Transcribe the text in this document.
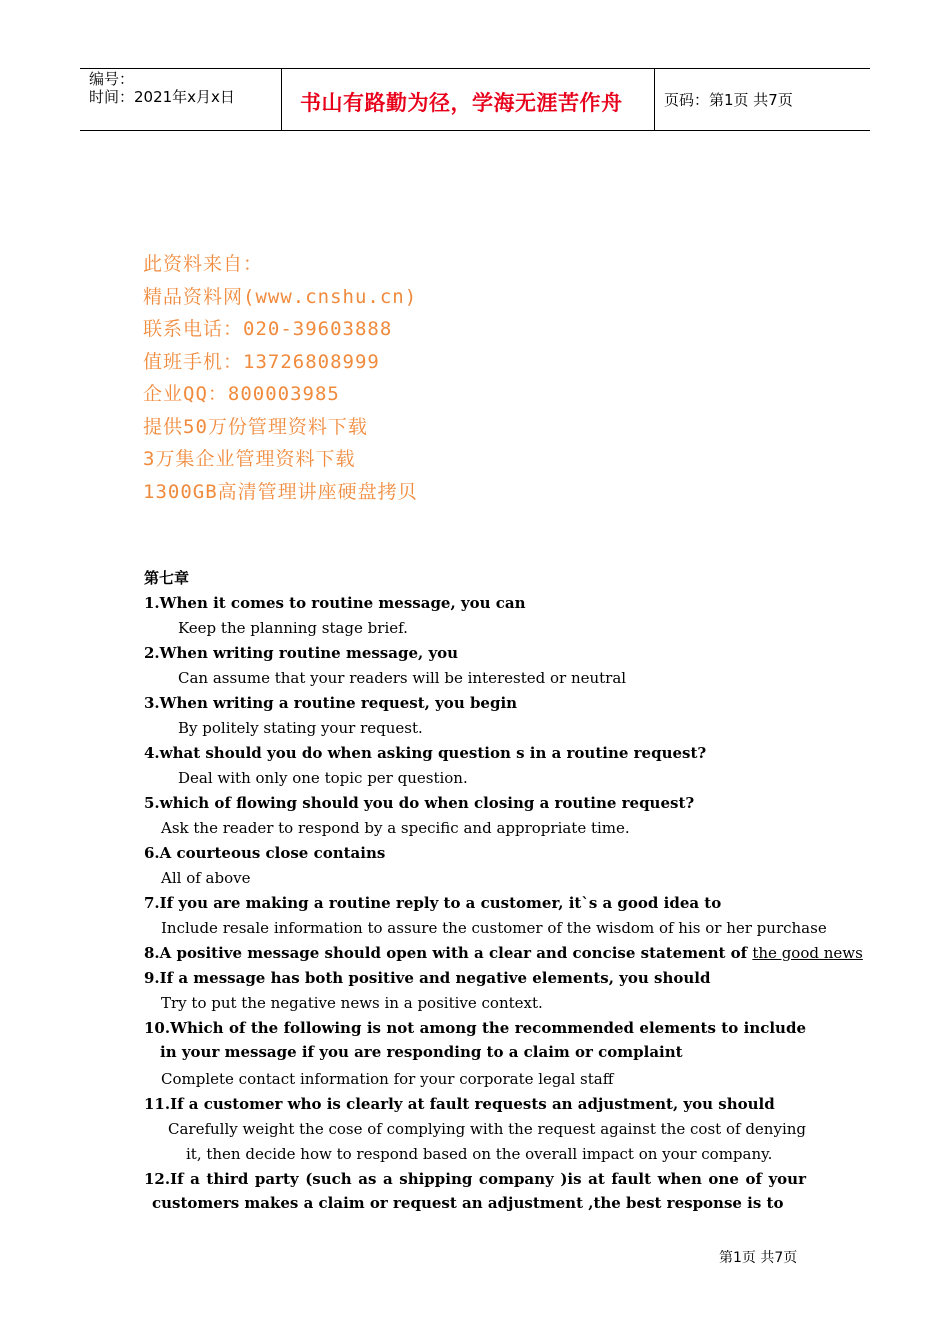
编号：
时间：2021年x月x日	书山有路勤为径，学海无涯苦作舟	页码：第1页 共7页
此资料来自：
精品资料网(www.cnshu.cn)
联系电话：020-39603888
值班手机：13726808999
企业QQ：800003985
提供50万份管理资料下载
3万集企业管理资料下载
1300GB高清管理讲座硬盘拷贝
第七章
1.When it comes to routine message, you can
Keep the planning stage brief.
2.When writing routine message, you
Can assume that your readers will be interested or neutral
3.When writing a routine request, you begin
By politely stating your request.
4.what should you do when asking question s in a routine request?
Deal with only one topic per question.
5.which of flowing should you do when closing a routine request?
Ask the reader to respond by a specific and appropriate time.
6.A courteous close contains
All of above
7.If you are making a routine reply to a customer, it`s a good idea to
Include resale information to assure the customer of the wisdom of his or her purchase
8.A positive message should open with a clear and concise statement of the good news
9.If a message has both positive and negative elements, you should
Try to put the negative news in a positive context.
10.Which of the following is not among the recommended elements to include in your message if you are responding to a claim or complaint
Complete contact information for your corporate legal staff
11.If a customer who is clearly at fault requests an adjustment, you should
Carefully weight the cose of complying with the request against the cost of denying it, then decide how to respond based on the overall impact on your company.
12.If a third party (such as a shipping company )is at fault when one of your customers makes a claim or request an adjustment ,the best response is to
第1页 共7页
